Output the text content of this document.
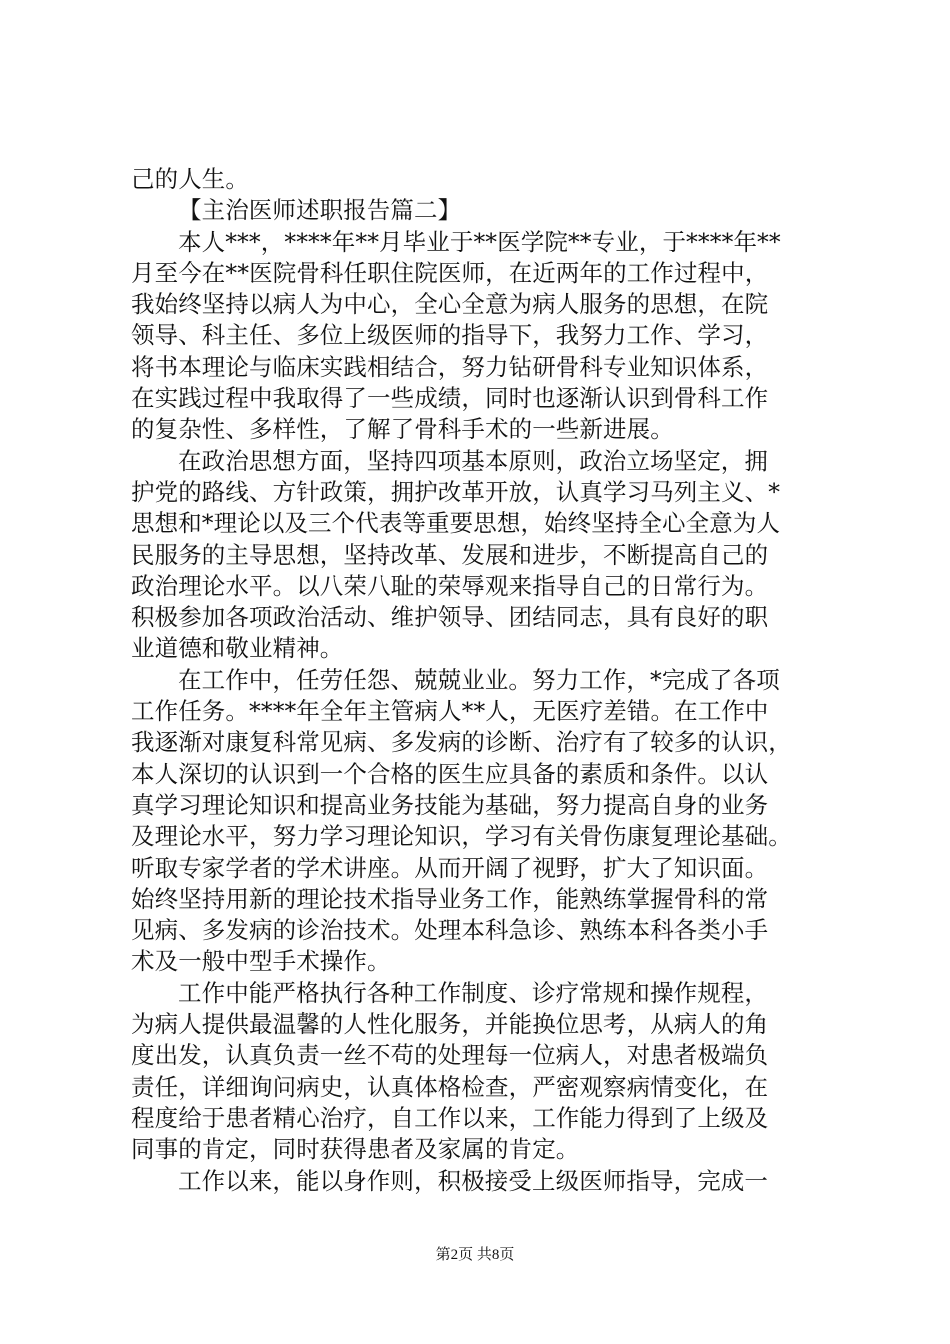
己的人生。
【主治医师述职报告篇二】
本人***，****年**月毕业于**医学院**专业，于****年**
月至今在**医院骨科任职住院医师，在近两年的工作过程中，
我始终坚持以病人为中心，全心全意为病人服务的思想，在院
领导、科主任、多位上级医师的指导下，我努力工作、学习，
将书本理论与临床实践相结合，努力钻研骨科专业知识体系，
在实践过程中我取得了一些成绩，同时也逐渐认识到骨科工作
的复杂性、多样性，了解了骨科手术的一些新进展。
在政治思想方面，坚持四项基本原则，政治立场坚定，拥
护党的路线、方针政策，拥护改革开放，认真学习马列主义、*
思想和*理论以及三个代表等重要思想，始终坚持全心全意为人
民服务的主导思想，坚持改革、发展和进步，不断提高自己的
政治理论水平。以八荣八耻的荣辱观来指导自己的日常行为。
积极参加各项政治活动、维护领导、团结同志，具有良好的职
业道德和敬业精神。
在工作中，任劳任怨、兢兢业业。努力工作，*完成了各项
工作任务。****年全年主管病人**人，无医疗差错。在工作中
我逐渐对康复科常见病、多发病的诊断、治疗有了较多的认识，
本人深切的认识到一个合格的医生应具备的素质和条件。以认
真学习理论知识和提高业务技能为基础，努力提高自身的业务
及理论水平，努力学习理论知识，学习有关骨伤康复理论基础。
听取专家学者的学术讲座。从而开阔了视野，扩大了知识面。
始终坚持用新的理论技术指导业务工作，能熟练掌握骨科的常
见病、多发病的诊治技术。处理本科急诊、熟练本科各类小手
术及一般中型手术操作。
工作中能严格执行各种工作制度、诊疗常规和操作规程，
为病人提供最温馨的人性化服务，并能换位思考，从病人的角
度出发，认真负责一丝不苟的处理每一位病人，对患者极端负
责任，详细询问病史，认真体格检查，严密观察病情变化，在
程度给于患者精心治疗，自工作以来，工作能力得到了上级及
同事的肯定，同时获得患者及家属的肯定。
工作以来，能以身作则，积极接受上级医师指导，完成一
第2页 共8页
